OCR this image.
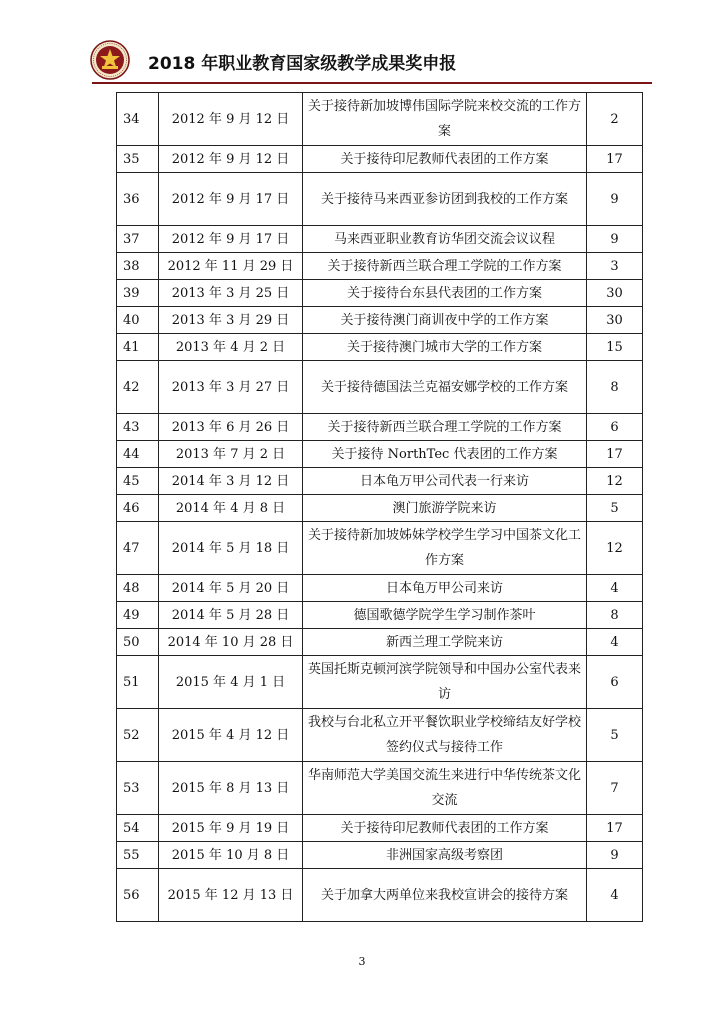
2018 年职业教育国家级教学成果奖申报
34	2012 年 9 月 12 日	关于接待新加坡博伟国际学院来校交流的工作方案	2
35	2012 年 9 月 12 日	关于接待印尼教师代表团的工作方案	17
36	2012 年 9 月 17 日	关于接待马来西亚参访团到我校的工作方案	9
37	2012 年 9 月 17 日	马来西亚职业教育访华团交流会议议程	9
38	2012 年 11 月 29 日	关于接待新西兰联合理工学院的工作方案	3
39	2013 年 3 月 25 日	关于接待台东县代表团的工作方案	30
40	2013 年 3 月 29 日	关于接待澳门商训夜中学的工作方案	30
41	2013 年 4 月 2 日	关于接待澳门城市大学的工作方案	15
42	2013 年 3 月 27 日	关于接待德国法兰克福安娜学校的工作方案	8
43	2013 年 6 月 26 日	关于接待新西兰联合理工学院的工作方案	6
44	2013 年 7 月 2 日	关于接待 NorthTec 代表团的工作方案	17
45	2014 年 3 月 12 日	日本龟万甲公司代表一行来访	12
46	2014 年 4 月 8 日	澳门旅游学院来访	5
47	2014 年 5 月 18 日	关于接待新加坡姊妹学校学生学习中国茶文化工作方案	12
48	2014 年 5 月 20 日	日本龟万甲公司来访	4
49	2014 年 5 月 28 日	德国歌德学院学生学习制作茶叶	8
50	2014 年 10 月 28 日	新西兰理工学院来访	4
51	2015 年 4 月 1 日	英国托斯克顿河滨学院领导和中国办公室代表来访	6
52	2015 年 4 月 12 日	我校与台北私立开平餐饮职业学校缔结友好学校签约仪式与接待工作	5
53	2015 年 8 月 13 日	华南师范大学美国交流生来进行中华传统茶文化交流	7
54	2015 年 9 月 19 日	关于接待印尼教师代表团的工作方案	17
55	2015 年 10 月 8 日	非洲国家高级考察团	9
56	2015 年 12 月 13 日	关于加拿大两单位来我校宣讲会的接待方案	4
3
